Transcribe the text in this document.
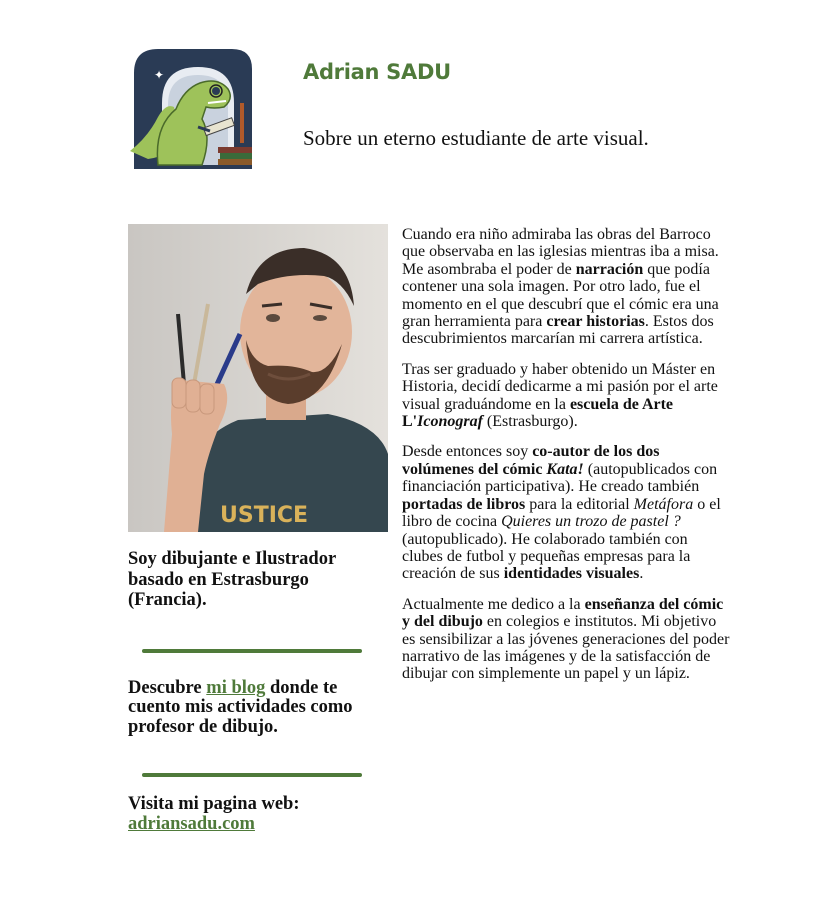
✦	Adrian SADU

Sobre un eterno estudiante de arte visual.

USTICE

Soy dibujante e Ilustrador basado en Estrasburgo (Francia).

Descubre mi blog donde te cuento mis actividades como profesor de dibujo.

Visita mi pagina web:
adriansadu.com

Cuando era niño admiraba las obras del Barroco que observaba en las iglesias mientras iba a misa. Me asombraba el poder de narración que podía contener una sola imagen. Por otro lado, fue el momento en el que descubrí que el cómic era una gran herramienta para crear historias. Estos dos descubrimientos marcarían mi carrera artística.

Tras ser graduado y haber obtenido un Máster en Historia, decidí dedicarme a mi pasión por el arte visual graduándome en la escuela de Arte L'Iconograf (Estrasburgo).

Desde entonces soy co-autor de los dos volúmenes del cómic Kata! (autopublicados con financiación participativa). He creado también portadas de libros para la editorial Metáfora o el libro de cocina Quieres un trozo de pastel ? (autopublicado). He colaborado también con clubes de futbol y pequeñas empresas para la creación de sus identidades visuales.

Actualmente me dedico a la enseñanza del cómic y del dibujo en colegios e institutos. Mi objetivo es sensibilizar a las jóvenes generaciones del poder narrativo de las imágenes y de la satisfacción de dibujar con simplemente un papel y un lápiz.
